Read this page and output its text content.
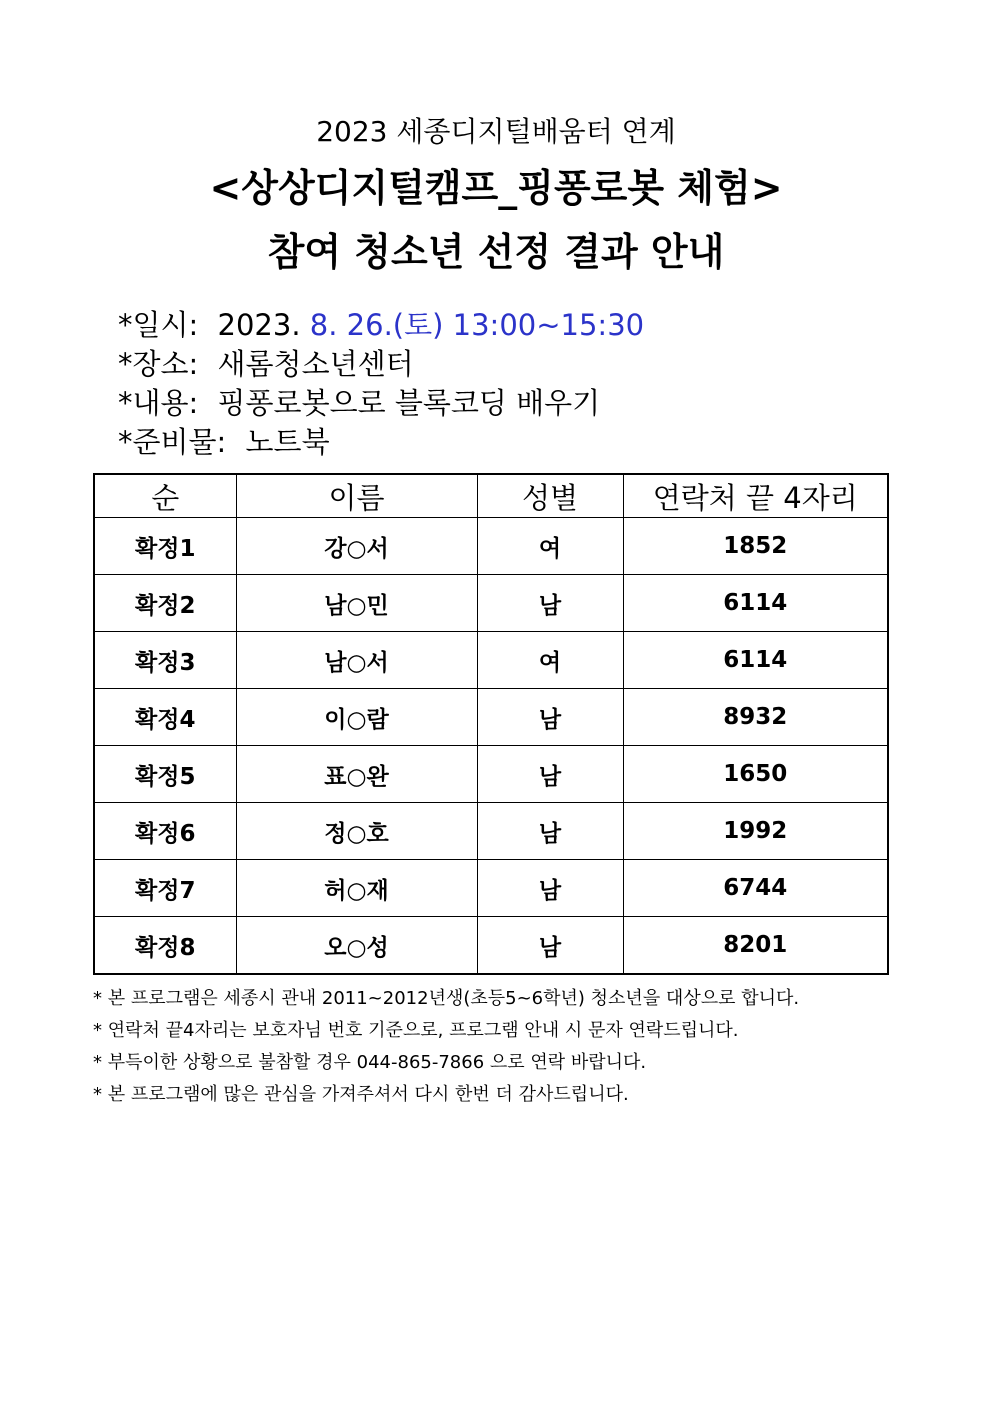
2023 세종디지털배움터 연계
<상상디지털캠프_핑퐁로봇 체험>
참여 청소년 선정 결과 안내
*일시: 2023. 8. 26.(토) 13:00~15:30
*장소: 새롬청소년센터
*내용: 핑퐁로봇으로 블록코딩 배우기
*준비물: 노트북
순	이름	성별	연락처 끝 4자리
확정1	강○서	여	1852
확정2	남○민	남	6114
확정3	남○서	여	6114
확정4	이○람	남	8932
확정5	표○완	남	1650
확정6	정○호	남	1992
확정7	허○재	남	6744
확정8	오○성	남	8201
* 본 프로그램은 세종시 관내 2011~2012년생(초등5~6학년) 청소년을 대상으로 합니다.
* 연락처 끝4자리는 보호자님 번호 기준으로, 프로그램 안내 시 문자 연락드립니다.
* 부득이한 상황으로 불참할 경우 044-865-7866 으로 연락 바랍니다.
* 본 프로그램에 많은 관심을 가져주셔서 다시 한번 더 감사드립니다.
